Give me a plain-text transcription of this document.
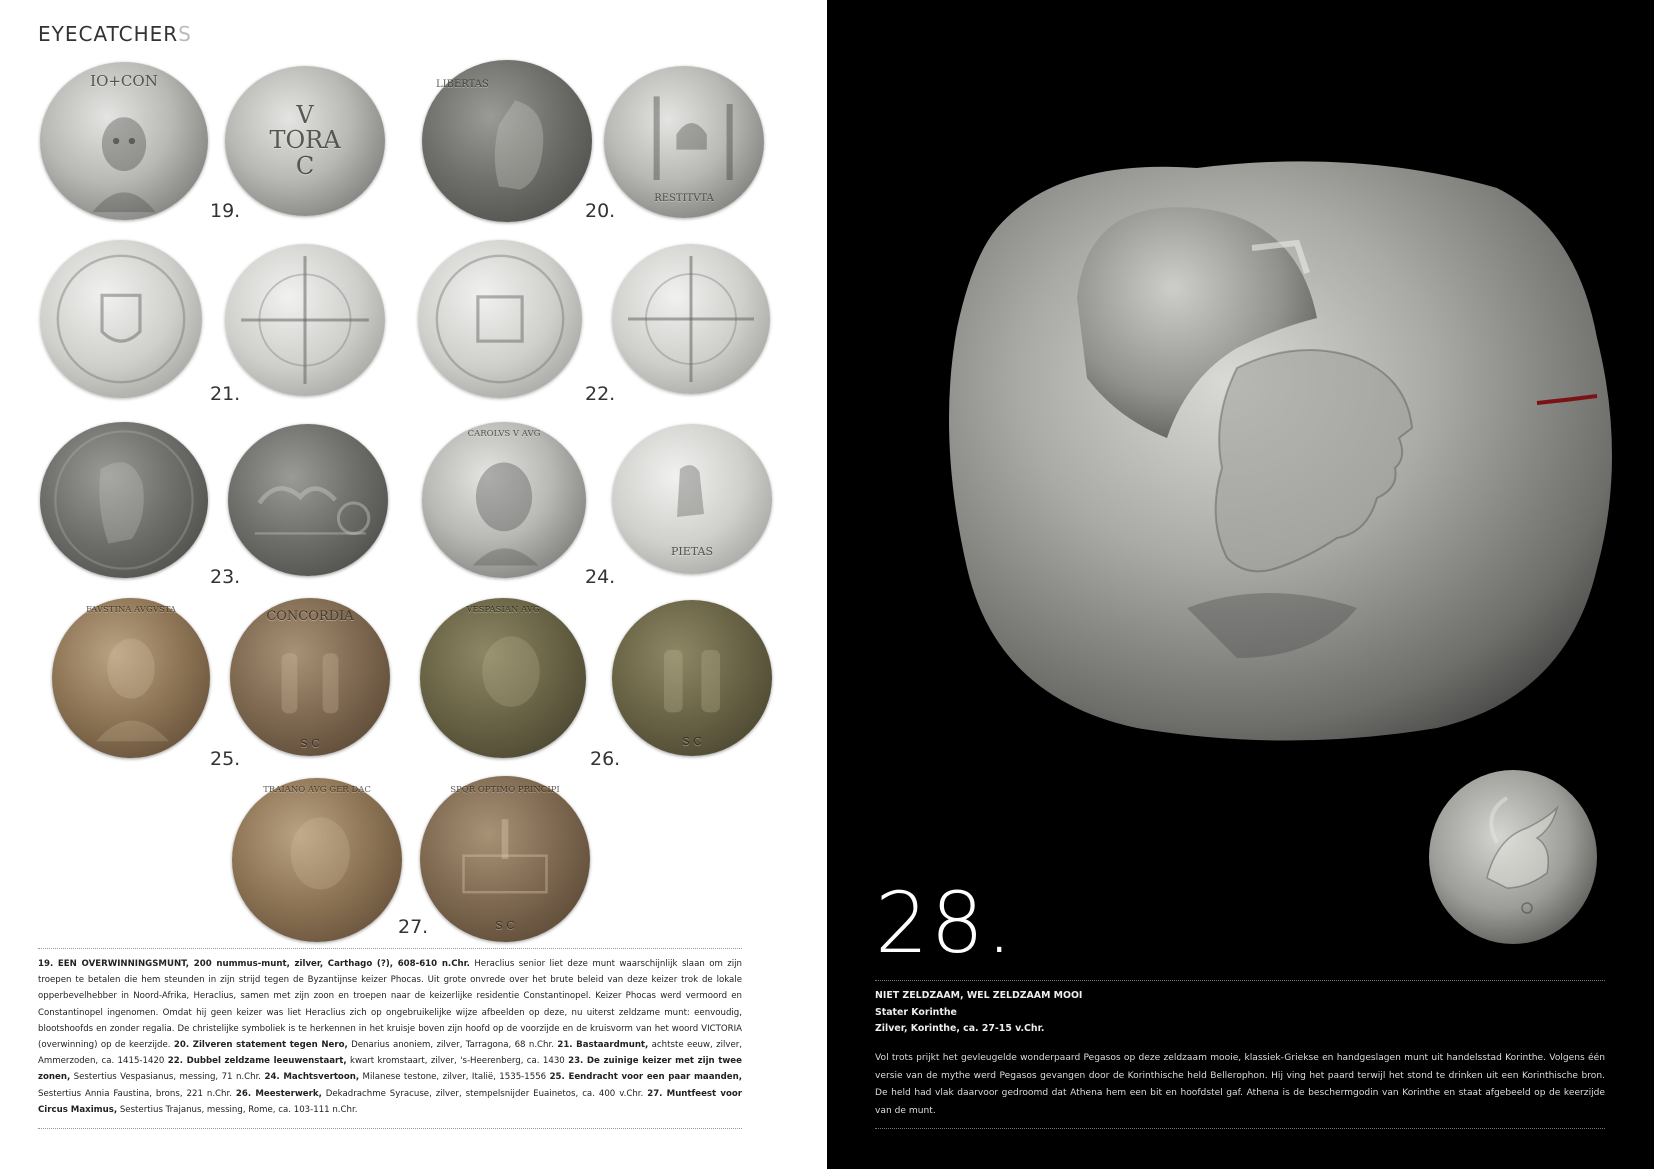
EYECATCHERS
ΙΟ+CON
V
TORA
C
19.
LIBERTAS
RESTITVTA
20.
21.	22.
23.
CAROLVS V AVG
PIETAS
24.
FAVSTINA AVGVSTA	CONCORDIA
S C
25.
VESPASIAN AVG
S C
26.
TRAIANO AVG GER DAC	SPQR OPTIMO PRINCIPI
S C
27.
19. EEN OVERWINNINGSMUNT, 200 nummus-munt, zilver, Carthago (?), 608-610 n.Chr. Heraclius senior liet deze munt waarschijnlijk slaan om zijn troepen te betalen die hem steunden in zijn strijd tegen de Byzantijnse keizer Phocas. Uit grote onvrede over het brute beleid van deze keizer trok de lokale opperbevelhebber in Noord-Afrika, Heraclius, samen met zijn zoon en troepen naar de keizerlijke residentie Constantinopel. Keizer Phocas werd vermoord en Constantinopel ingenomen. Omdat hij geen keizer was liet Heraclius zich op ongebruikelijke wijze afbeelden op deze, nu uiterst zeldzame munt: eenvoudig, blootshoofds en zonder regalia. De christelijke symboliek is te herkennen in het kruisje boven zijn hoofd op de voorzijde en de kruisvorm van het woord VICTORIA (overwinning) op de keerzijde. 20. Zilveren statement tegen Nero, Denarius anoniem, zilver, Tarragona, 68 n.Chr. 21. Bastaardmunt, achtste eeuw, zilver, Ammerzoden, ca. 1415-1420 22. Dubbel zeldzame leeuwenstaart, kwart kromstaart, zilver, 's-Heerenberg, ca. 1430 23. De zuinige keizer met zijn twee zonen, Sestertius Vespasianus, messing, 71 n.Chr. 24. Machtsvertoon, Milanese testone, zilver, Italië, 1535-1556 25. Eendracht voor een paar maanden, Sestertius Annia Faustina, brons, 221 n.Chr. 26. Meesterwerk, Dekadrachme Syracuse, zilver, stempelsnijder Euainetos, ca. 400 v.Chr. 27. Muntfeest voor Circus Maximus, Sestertius Trajanus, messing, Rome, ca. 103-111 n.Chr.
28.
NIET ZELDZAAM, WEL ZELDZAAM MOOI
Stater Korinthe
Zilver, Korinthe, ca. 27-15 v.Chr.
Vol trots prijkt het gevleugelde wonderpaard Pegasos op deze zeldzaam mooie, klassiek-Griekse en handgeslagen munt uit handelsstad Korinthe. Volgens één versie van de mythe werd Pegasos gevangen door de Korinthische held Bellerophon. Hij ving het paard terwijl het stond te drinken uit een Korinthische bron. De held had vlak daarvoor gedroomd dat Athena hem een bit en hoofdstel gaf. Athena is de beschermgodin van Korinthe en staat afgebeeld op de keerzijde van de munt.
